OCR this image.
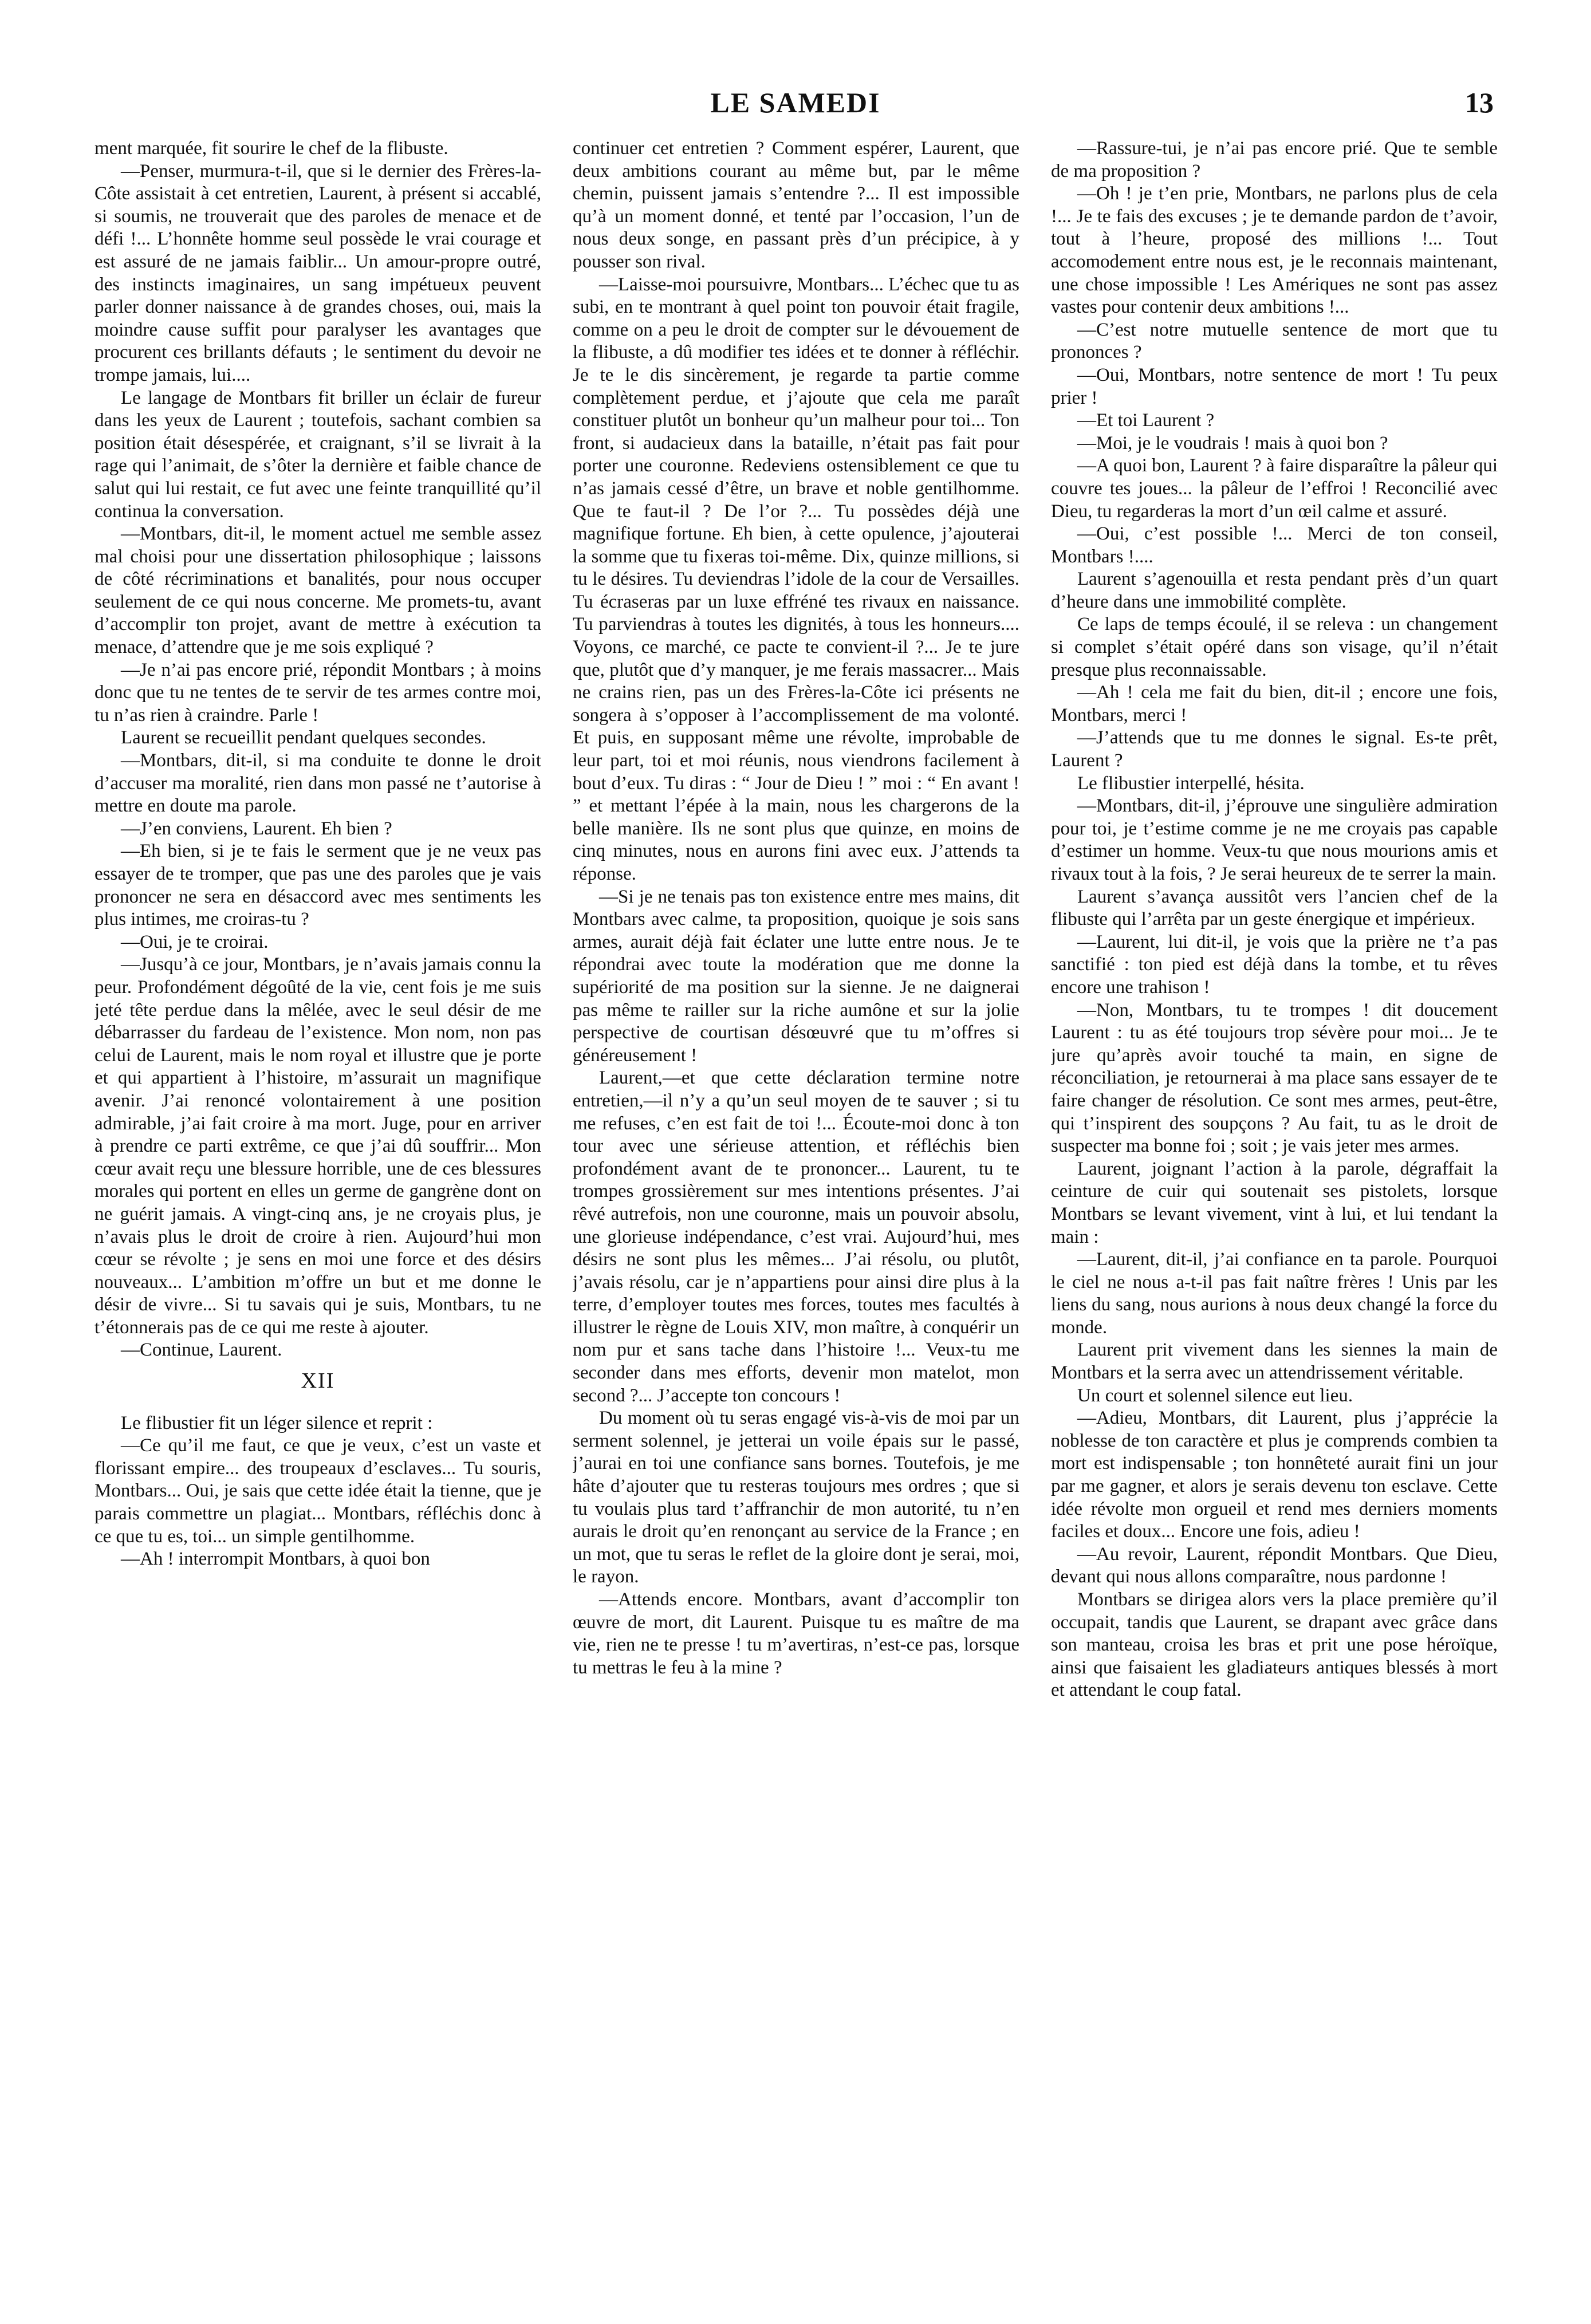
LE SAMEDI	13

ment marquée, fit sourire le chef de la flibuste.

—Penser, murmura-t-il, que si le dernier des Frères-la-Côte assistait à cet entretien, Laurent, à présent si accablé, si soumis, ne trouverait que des paroles de menace et de défi !... L’honnête homme seul possède le vrai courage et est assuré de ne jamais faiblir... Un amour-propre outré, des instincts imaginaires, un sang impétueux peuvent parler donner naissance à de grandes choses, oui, mais la moindre cause suffit pour paralyser les avantages que procurent ces brillants défauts ; le sentiment du devoir ne trompe jamais, lui....

Le langage de Montbars fit briller un éclair de fureur dans les yeux de Laurent ; toutefois, sachant combien sa position était désespérée, et craignant, s’il se livrait à la rage qui l’animait, de s’ôter la dernière et faible chance de salut qui lui restait, ce fut avec une feinte tranquillité qu’il continua la conversation.

—Montbars, dit-il, le moment actuel me semble assez mal choisi pour une dissertation philosophique ; laissons de côté récriminations et banalités, pour nous occuper seulement de ce qui nous concerne. Me promets-tu, avant d’accomplir ton projet, avant de mettre à exécution ta menace, d’attendre que je me sois expliqué ?

—Je n’ai pas encore prié, répondit Montbars ; à moins donc que tu ne tentes de te servir de tes armes contre moi, tu n’as rien à craindre. Parle !

Laurent se recueillit pendant quelques secondes.

—Montbars, dit-il, si ma conduite te donne le droit d’accuser ma moralité, rien dans mon passé ne t’autorise à mettre en doute ma parole.

—J’en conviens, Laurent. Eh bien ?

—Eh bien, si je te fais le serment que je ne veux pas essayer de te tromper, que pas une des paroles que je vais prononcer ne sera en désaccord avec mes sentiments les plus intimes, me croiras-tu ?

—Oui, je te croirai.

—Jusqu’à ce jour, Montbars, je n’avais jamais connu la peur. Profondément dégoûté de la vie, cent fois je me suis jeté tête perdue dans la mêlée, avec le seul désir de me débarrasser du fardeau de l’existence. Mon nom, non pas celui de Laurent, mais le nom royal et illustre que je porte et qui appartient à l’histoire, m’assurait un magnifique avenir. J’ai renoncé volontairement à une position admirable, j’ai fait croire à ma mort. Juge, pour en arriver à prendre ce parti extrême, ce que j’ai dû souffrir... Mon cœur avait reçu une blessure horrible, une de ces blessures morales qui portent en elles un germe de gangrène dont on ne guérit jamais. A vingt-cinq ans, je ne croyais plus, je n’avais plus le droit de croire à rien. Aujourd’hui mon cœur se révolte ; je sens en moi une force et des désirs nouveaux... L’ambition m’offre un but et me donne le désir de vivre... Si tu savais qui je suis, Montbars, tu ne t’étonnerais pas de ce qui me reste à ajouter.

—Continue, Laurent.

XII

Le flibustier fit un léger silence et reprit :

—Ce qu’il me faut, ce que je veux, c’est un vaste et florissant empire... des troupeaux d’esclaves... Tu souris, Montbars... Oui, je sais que cette idée était la tienne, que je parais commettre un plagiat... Montbars, réfléchis donc à ce que tu es, toi... un simple gentilhomme.

—Ah ! interrompit Montbars, à quoi bon

continuer cet entretien ? Comment espérer, Laurent, que deux ambitions courant au même but, par le même chemin, puissent jamais s’entendre ?... Il est impossible qu’à un moment donné, et tenté par l’occasion, l’un de nous deux songe, en passant près d’un précipice, à y pousser son rival.

—Laisse-moi poursuivre, Montbars... L’échec que tu as subi, en te montrant à quel point ton pouvoir était fragile, comme on a peu le droit de compter sur le dévouement de la flibuste, a dû modifier tes idées et te donner à réfléchir. Je te le dis sincèrement, je regarde ta partie comme complètement perdue, et j’ajoute que cela me paraît constituer plutôt un bonheur qu’un malheur pour toi... Ton front, si audacieux dans la bataille, n’était pas fait pour porter une couronne. Redeviens ostensiblement ce que tu n’as jamais cessé d’être, un brave et noble gentilhomme. Que te faut-il ? De l’or ?... Tu possèdes déjà une magnifique fortune. Eh bien, à cette opulence, j’ajouterai la somme que tu fixeras toi-même. Dix, quinze millions, si tu le désires. Tu deviendras l’idole de la cour de Versailles. Tu écraseras par un luxe effréné tes rivaux en naissance. Tu parviendras à toutes les dignités, à tous les honneurs.... Voyons, ce marché, ce pacte te convient-il ?... Je te jure que, plutôt que d’y manquer, je me ferais massacrer... Mais ne crains rien, pas un des Frères-la-Côte ici présents ne songera à s’opposer à l’accomplissement de ma volonté. Et puis, en supposant même une révolte, improbable de leur part, toi et moi réunis, nous viendrons facilement à bout d’eux. Tu diras : “ Jour de Dieu ! ” moi : “ En avant ! ” et mettant l’épée à la main, nous les chargerons de la belle manière. Ils ne sont plus que quinze, en moins de cinq minutes, nous en aurons fini avec eux. J’attends ta réponse.

—Si je ne tenais pas ton existence entre mes mains, dit Montbars avec calme, ta proposition, quoique je sois sans armes, aurait déjà fait éclater une lutte entre nous. Je te répondrai avec toute la modération que me donne la supériorité de ma position sur la sienne. Je ne daignerai pas même te railler sur la riche aumône et sur la jolie perspective de courtisan désœuvré que tu m’offres si généreusement !

Laurent,—et que cette déclaration termine notre entretien,—il n’y a qu’un seul moyen de te sauver ; si tu me refuses, c’en est fait de toi !... Écoute-moi donc à ton tour avec une sérieuse attention, et réfléchis bien profondément avant de te prononcer... Laurent, tu te trompes grossièrement sur mes intentions présentes. J’ai rêvé autrefois, non une couronne, mais un pouvoir absolu, une glorieuse indépendance, c’est vrai. Aujourd’hui, mes désirs ne sont plus les mêmes... J’ai résolu, ou plutôt, j’avais résolu, car je n’appartiens pour ainsi dire plus à la terre, d’employer toutes mes forces, toutes mes facultés à illustrer le règne de Louis XIV, mon maître, à conquérir un nom pur et sans tache dans l’histoire !... Veux-tu me seconder dans mes efforts, devenir mon matelot, mon second ?... J’accepte ton concours !

Du moment où tu seras engagé vis-à-vis de moi par un serment solennel, je jetterai un voile épais sur le passé, j’aurai en toi une confiance sans bornes. Toutefois, je me hâte d’ajouter que tu resteras toujours mes ordres ; que si tu voulais plus tard t’affranchir de mon autorité, tu n’en aurais le droit qu’en renonçant au service de la France ; en un mot, que tu seras le reflet de la gloire dont je serai, moi, le rayon.

—Attends encore. Montbars, avant d’accomplir ton œuvre de mort, dit Laurent. Puisque tu es maître de ma vie, rien ne te presse ! tu m’avertiras, n’est-ce pas, lorsque tu mettras le feu à la mine ?

—Rassure-tui, je n’ai pas encore prié. Que te semble de ma proposition ?

—Oh ! je t’en prie, Montbars, ne parlons plus de cela !... Je te fais des excuses ; je te demande pardon de t’avoir, tout à l’heure, proposé des millions !... Tout accomodement entre nous est, je le reconnais maintenant, une chose impossible ! Les Amériques ne sont pas assez vastes pour contenir deux ambitions !...

—C’est notre mutuelle sentence de mort que tu prononces ?

—Oui, Montbars, notre sentence de mort ! Tu peux prier !

—Et toi Laurent ?

—Moi, je le voudrais ! mais à quoi bon ?

—A quoi bon, Laurent ? à faire disparaître la pâleur qui couvre tes joues... la pâleur de l’effroi ! Reconcilié avec Dieu, tu regarderas la mort d’un œil calme et assuré.

—Oui, c’est possible !... Merci de ton conseil, Montbars !....

Laurent s’agenouilla et resta pendant près d’un quart d’heure dans une immobilité complète.

Ce laps de temps écoulé, il se releva : un changement si complet s’était opéré dans son visage, qu’il n’était presque plus reconnaissable.

—Ah ! cela me fait du bien, dit-il ; encore une fois, Montbars, merci !

—J’attends que tu me donnes le signal. Es-te prêt, Laurent ?

Le flibustier interpellé, hésita.

—Montbars, dit-il, j’éprouve une singulière admiration pour toi, je t’estime comme je ne me croyais pas capable d’estimer un homme. Veux-tu que nous mourions amis et rivaux tout à la fois, ? Je serai heureux de te serrer la main.

Laurent s’avança aussitôt vers l’ancien chef de la flibuste qui l’arrêta par un geste énergique et impérieux.

—Laurent, lui dit-il, je vois que la prière ne t’a pas sanctifié : ton pied est déjà dans la tombe, et tu rêves encore une trahison !

—Non, Montbars, tu te trompes ! dit doucement Laurent : tu as été toujours trop sévère pour moi... Je te jure qu’après avoir touché ta main, en signe de réconciliation, je retournerai à ma place sans essayer de te faire changer de résolution. Ce sont mes armes, peut-être, qui t’inspirent des soupçons ? Au fait, tu as le droit de suspecter ma bonne foi ; soit ; je vais jeter mes armes.

Laurent, joignant l’action à la parole, dégraffait la ceinture de cuir qui soutenait ses pistolets, lorsque Montbars se levant vivement, vint à lui, et lui tendant la main :

—Laurent, dit-il, j’ai confiance en ta parole. Pourquoi le ciel ne nous a-t-il pas fait naître frères ! Unis par les liens du sang, nous aurions à nous deux changé la force du monde.

Laurent prit vivement dans les siennes la main de Montbars et la serra avec un attendrissement véritable.

Un court et solennel silence eut lieu.

—Adieu, Montbars, dit Laurent, plus j’apprécie la noblesse de ton caractère et plus je comprends combien ta mort est indispensable ; ton honnêteté aurait fini un jour par me gagner, et alors je serais devenu ton esclave. Cette idée révolte mon orgueil et rend mes derniers moments faciles et doux... Encore une fois, adieu !

—Au revoir, Laurent, répondit Montbars. Que Dieu, devant qui nous allons comparaître, nous pardonne !

Montbars se dirigea alors vers la place première qu’il occupait, tandis que Laurent, se drapant avec grâce dans son manteau, croisa les bras et prit une pose héroïque, ainsi que faisaient les gladiateurs antiques blessés à mort et attendant le coup fatal.
